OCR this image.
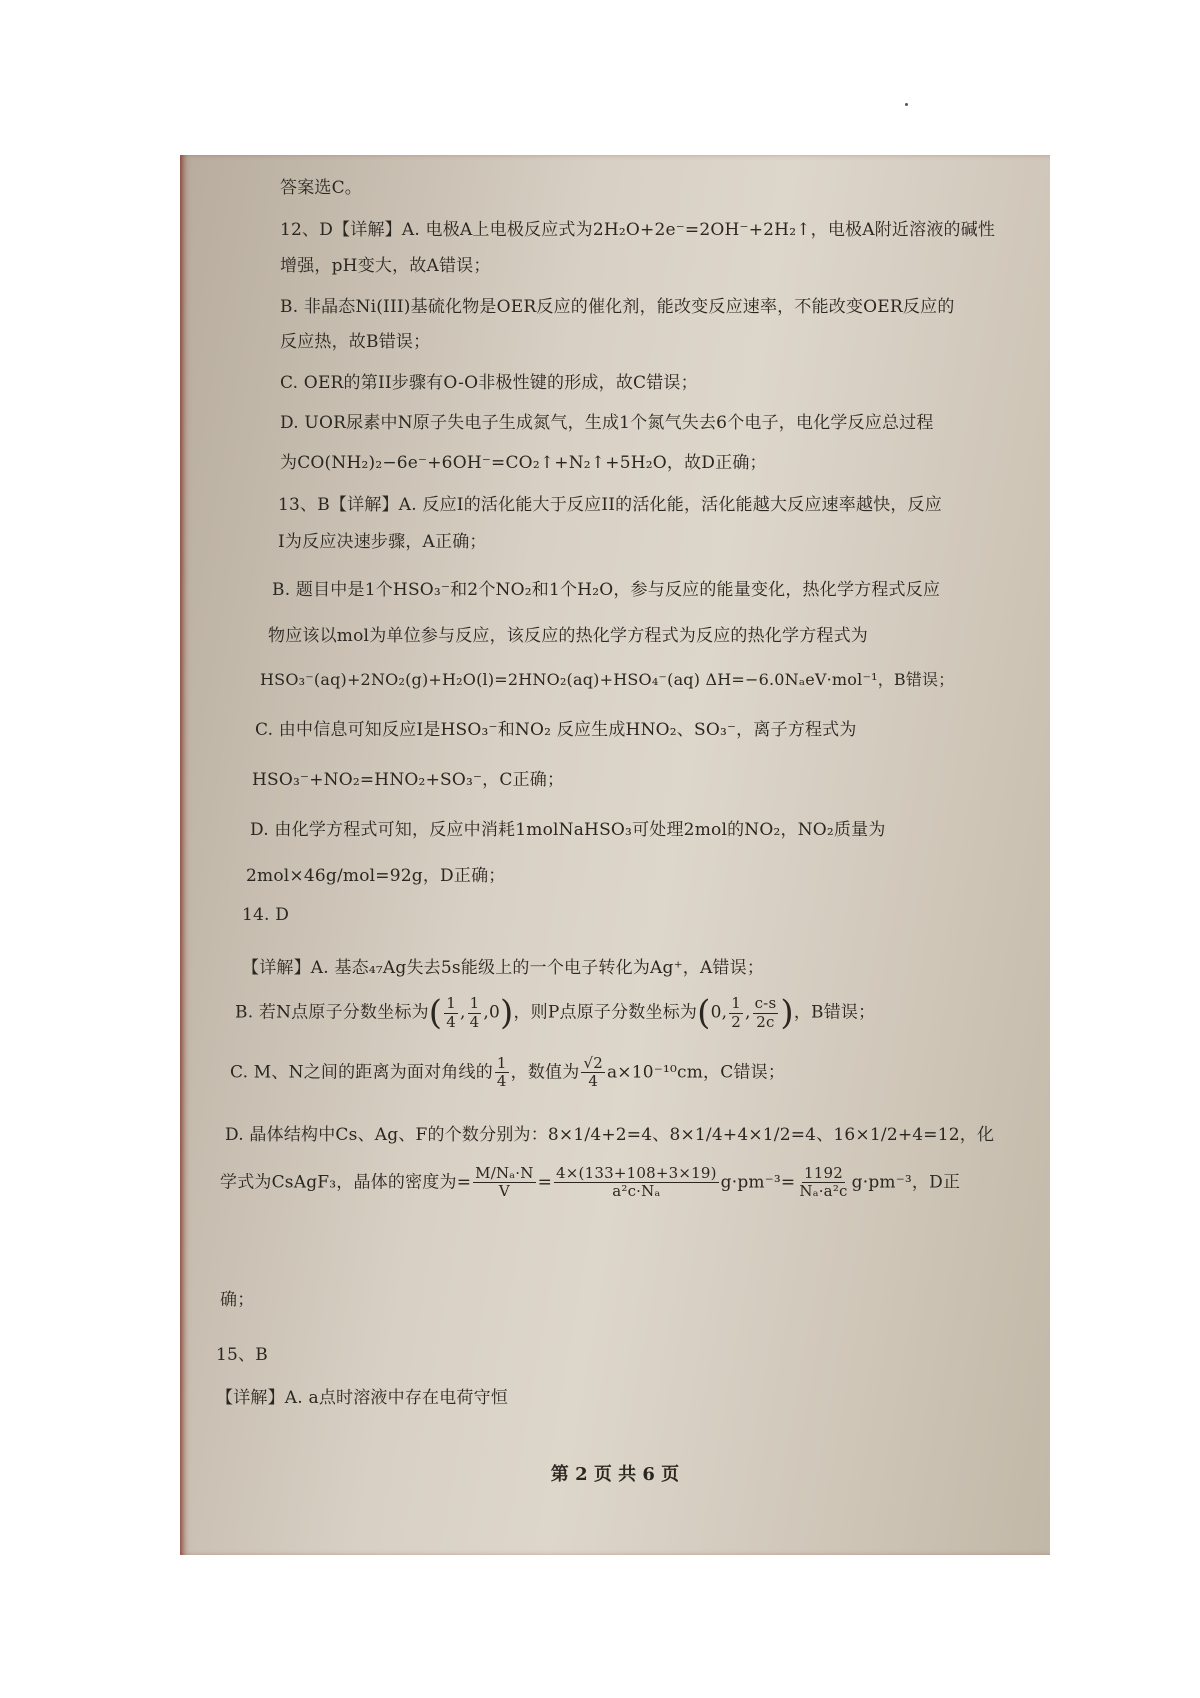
答案选C。
12、D【详解】A. 电极A上电极反应式为2H₂O+2e⁻=2OH⁻+2H₂↑，电极A附近溶液的碱性
增强，pH变大，故A错误；
B. 非晶态Ni(III)基硫化物是OER反应的催化剂，能改变反应速率，不能改变OER反应的
反应热，故B错误；
C. OER的第II步骤有O-O非极性键的形成，故C错误；
D. UOR尿素中N原子失电子生成氮气，生成1个氮气失去6个电子，电化学反应总过程
为CO(NH₂)₂−6e⁻+6OH⁻=CO₂↑+N₂↑+5H₂O，故D正确；
13、B【详解】A. 反应I的活化能大于反应II的活化能，活化能越大反应速率越快，反应
I为反应决速步骤，A正确；
B. 题目中是1个HSO₃⁻和2个NO₂和1个H₂O，参与反应的能量变化，热化学方程式反应
物应该以mol为单位参与反应，该反应的热化学方程式为反应的热化学方程式为
HSO₃⁻(aq)+2NO₂(g)+H₂O(l)=2HNO₂(aq)+HSO₄⁻(aq) ΔH=−6.0NₐeV·mol⁻¹，B错误；
C. 由中信息可知反应I是HSO₃⁻和NO₂ 反应生成HNO₂、SO₃⁻，离子方程式为
HSO₃⁻+NO₂=HNO₂+SO₃⁻，C正确；
D. 由化学方程式可知，反应中消耗1molNaHSO₃可处理2mol的NO₂，NO₂质量为
2mol×46g/mol=92g，D正确；
14. D
【详解】A. 基态₄₇Ag失去5s能级上的一个电子转化为Ag⁺，A错误；
B. 若N点原子分数坐标为( $\frac{1}{4}$ , $\frac{1}{4} ,0$)，则P点原子分数坐标为(0, $\frac{1}{2}$ , $\frac{c-s}{2c}$ )，B错误；
C. M、N之间的距离为面对角线的 $\frac{1}{4}$ ，数值为 $\frac{√2}{4} a\times 10^{-10}cm$，C错误；
D. 晶体结构中Cs、Ag、F的个数分别为：8×1/4+2=4、8×1/4+4×1/2=4、16×1/2+4=12，化
学式为CsAgF₃，晶体的密度为= $\frac{\text{M/Nₐ·N}}{V} = \frac{4\times(133+108+3\times 19)}{\text{a²c·Nₐ}} g\cdot pm^{-3}= \frac{1192}{\text{Nₐ·a²c}} g\cdot pm^{-3}$，D正
确；
15、B
【详解】A. a点时溶液中存在电荷守恒
第 2 页 共 6 页
